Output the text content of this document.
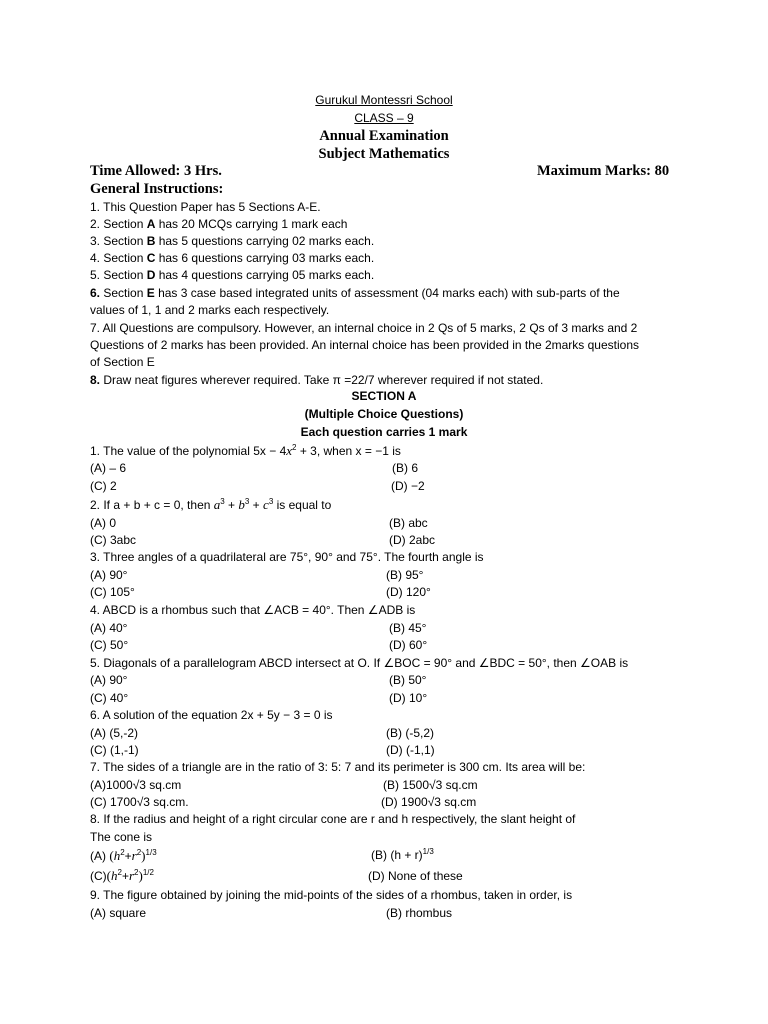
Gurukul Montessri School
CLASS – 9
Annual Examination
Subject Mathematics
Time Allowed: 3 Hrs.	Maximum Marks: 80
General Instructions:
1. This Question Paper has 5 Sections A-E.
2. Section A has 20 MCQs carrying 1 mark each
3. Section B has 5 questions carrying 02 marks each.
4. Section C has 6 questions carrying 03 marks each.
5. Section D has 4 questions carrying 05 marks each.
6. Section E has 3 case based integrated units of assessment (04 marks each) with sub-parts of the
values of 1, 1 and 2 marks each respectively.
7. All Questions are compulsory. However, an internal choice in 2 Qs of 5 marks, 2 Qs of 3 marks and 2
Questions of 2 marks has been provided. An internal choice has been provided in the 2marks questions
of Section E
8. Draw neat figures wherever required. Take π =22/7 wherever required if not stated.
SECTION A
(Multiple Choice Questions)
Each question carries 1 mark
1. The value of the polynomial $5x - 4x^2 + 3$, when x = −1 is
(A) – 6	(B) 6
(C) 2	(D) −2
2. If a + b + c = 0, then $a^3 + b^3 + c^3$ is equal to
(A) 0	(B) abc
(C) 3abc	(D) 2abc
3. Three angles of a quadrilateral are 75°, 90° and 75°. The fourth angle is
(A) 90°	(B) 95°
(C) 105°	(D) 120°
4. ABCD is a rhombus such that ∠ACB = 40°. Then ∠ADB is
(A) 40°	(B) 45°
(C) 50°	(D) 60°
5. Diagonals of a parallelogram ABCD intersect at O. If ∠BOC = 90° and ∠BDC = 50°, then ∠OAB is
(A) 90°	(B) 50°
(C) 40°	(D) 10°
6. A solution of the equation 2x + 5y − 3 = 0 is
(A) (5,-2)	(B) (-5,2)
(C) (1,-1)	(D) (-1,1)
7. The sides of a triangle are in the ratio of 3: 5: 7 and its perimeter is 300 cm. Its area will be:
(A)1000√3 sq.cm	(B) 1500√3 sq.cm
(C) 1700√3 sq.cm.	(D) 1900√3 sq.cm
8. If the radius and height of a right circular cone are r and h respectively, the slant height of
The cone is
(A) $(h^2+r^2)^{1/3}$	(B) $(h + r)^{1/3}$
$(C)(h^2+r^2)^{1/2}$	(D) None of these
9. The figure obtained by joining the mid-points of the sides of a rhombus, taken in order, is
(A) square	(B) rhombus
